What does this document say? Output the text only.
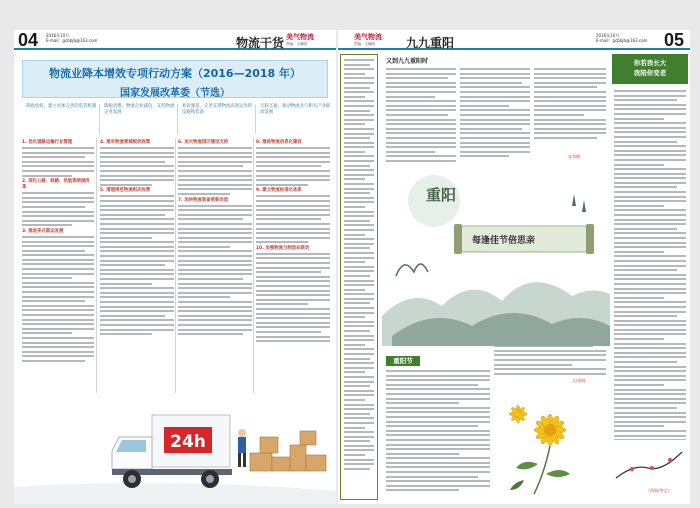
04 2016年10月
E-mail：gcbbjb@163.com	物流干货 美气物流
责编：王晓明
物流业降本增效专项行动方案（2016—2018 年）
国家发展改革委（节选）
简政放权，建立更加完善的监管机制	降税清费，物流企业减负，支持物流企业发展
补短强基，完善支撑物流高效运作的设施和装备
互联互通，推动物流业与相关产业联动发展
1. 优化道路运输行业管理
2. 深化公路、铁路、民航等领域改革
3. 推进多式联运发展
4. 落实物流领域税收政策
5. 清理规范物流相关收费
6. 加大物流园区建设支持
7. 加快物流装备更新改造
8. 推进物流信息化建设
9. 建立物流标准化体系
10. 加强物流与制造业联动
24h
美气物流
责编：王晓明	九九重阳
2016年10月
E-mail：gcbbjb@163.com 05
又到九九重阳时
张邦德
重阳
每逢佳节倍思亲
重阳节
文/胡晓
你若我长大
我陪你变老
（图画/李文）
